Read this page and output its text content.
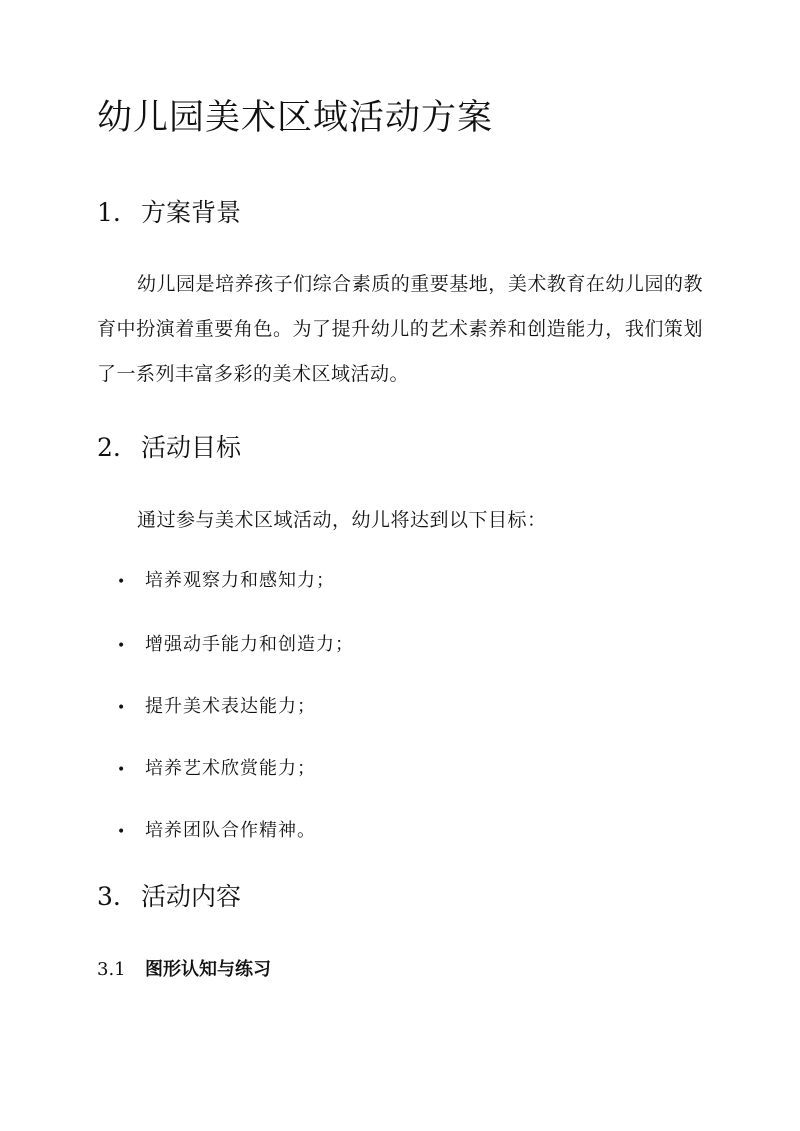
幼儿园美术区域活动方案
1. 方案背景

幼儿园是培养孩子们综合素质的重要基地，美术教育在幼儿园的教育中扮演着重要角色。为了提升幼儿的艺术素养和创造能力，我们策划了一系列丰富多彩的美术区域活动。

2. 活动目标

通过参与美术区域活动，幼儿将达到以下目标：

• 培养观察力和感知力；
• 增强动手能力和创造力；
• 提升美术表达能力；
• 培养艺术欣赏能力；
• 培养团队合作精神。
3. 活动内容
3.1 图形认知与练习
